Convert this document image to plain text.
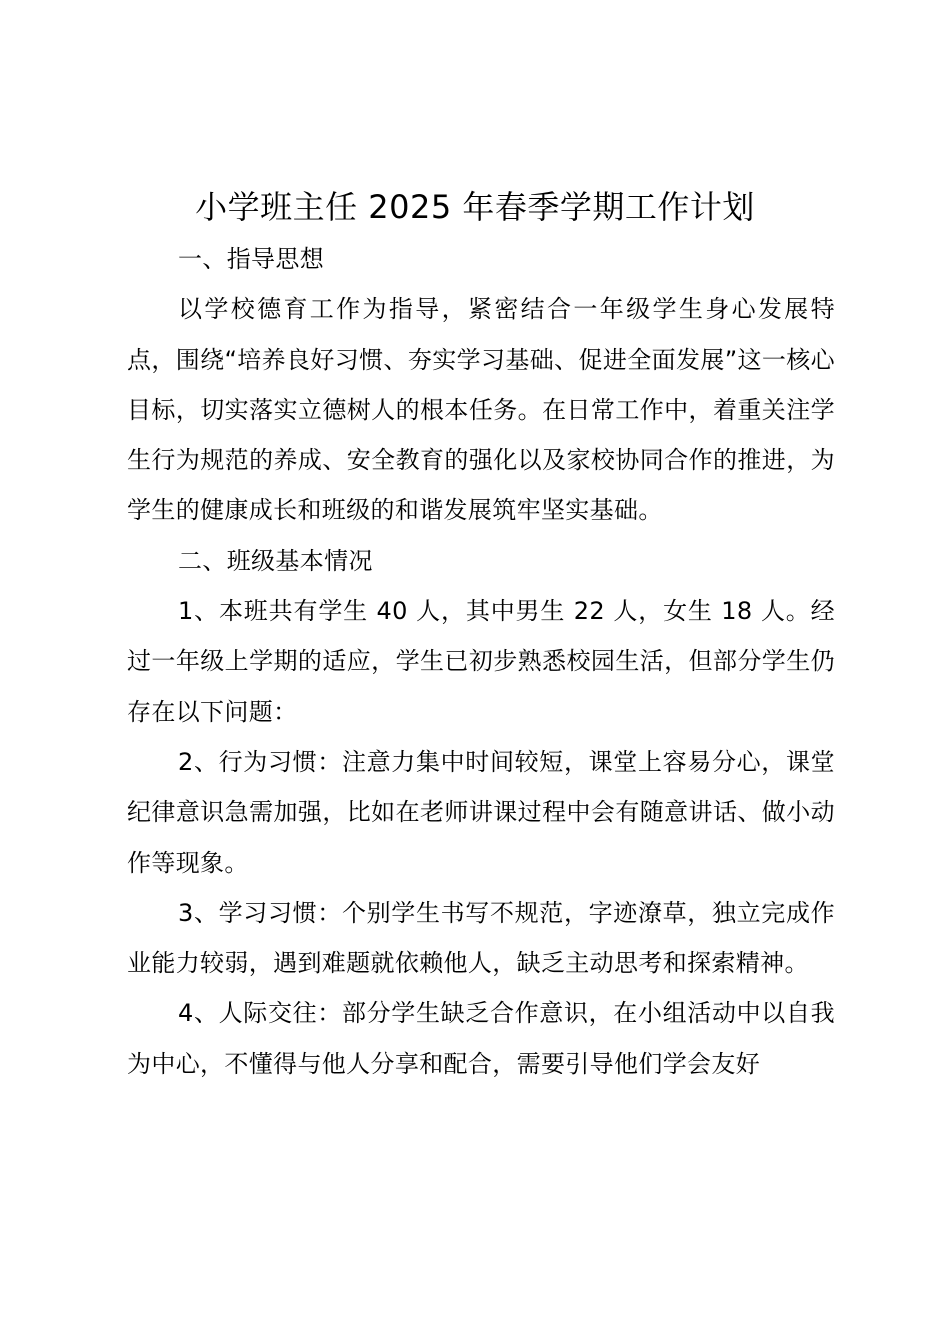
小学班主任 2025 年春季学期工作计划

一、指导思想

以学校德育工作为指导，紧密结合一年级学生身心发展特点，围绕“培养良好习惯、夯实学习基础、促进全面发展”这一核心目标，切实落实立德树人的根本任务。在日常工作中，着重关注学生行为规范的养成、安全教育的强化以及家校协同合作的推进，为学生的健康成长和班级的和谐发展筑牢坚实基础。

二、班级基本情况

1、本班共有学生 40 人，其中男生 22 人，女生 18 人。经过一年级上学期的适应，学生已初步熟悉校园生活，但部分学生仍存在以下问题：

2、行为习惯：注意力集中时间较短，课堂上容易分心，课堂纪律意识急需加强，比如在老师讲课过程中会有随意讲话、做小动作等现象。

3、学习习惯：个别学生书写不规范，字迹潦草，独立完成作业能力较弱，遇到难题就依赖他人，缺乏主动思考和探索精神。

4、人际交往：部分学生缺乏合作意识，在小组活动中以自我为中心，不懂得与他人分享和配合，需要引导他们学会友好
